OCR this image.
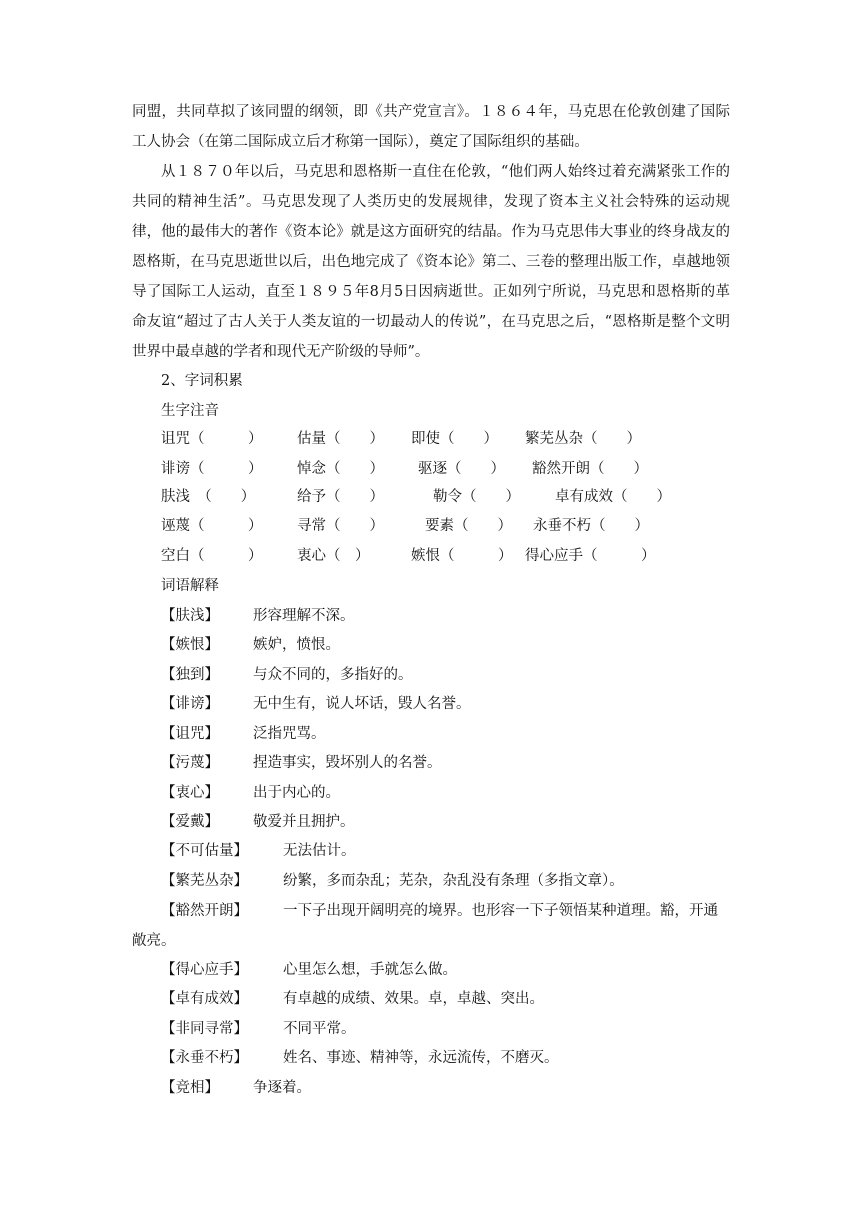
同盟，共同草拟了该同盟的纲领，即《共产党宣言》。１８６４年，马克思在伦敦创建了国际工人协会（在第二国际成立后才称第一国际），奠定了国际组织的基础。

从１８７０年以后，马克思和恩格斯一直住在伦敦，“他们两人始终过着充满紧张工作的共同的精神生活”。马克思发现了人类历史的发展规律，发现了资本主义社会特殊的运动规律，他的最伟大的著作《资本论》就是这方面研究的结晶。作为马克思伟大事业的终身战友的恩格斯，在马克思逝世以后，出色地完成了《资本论》第二、三卷的整理出版工作，卓越地领导了国际工人运动，直至１８９５年8月5日因病逝世。正如列宁所说，马克思和恩格斯的革命友谊“超过了古人关于人类友谊的一切最动人的传说”，在马克思之后，“恩格斯是整个文明世界中最卓越的学者和现代无产阶级的导师”。

2、字词积累
生字注音
诅咒（　　　） 估量（　　） 即使（　　） 繁芜丛杂（　　）
诽谤（　　　） 悼念（　　） 驱逐（　　） 豁然开朗（　　）
肤浅　（　　）	给予（　　）	勒令（　　） 卓有成效（　　）
诬蔑（　　　） 寻常（　　）	要素（　　） 永垂不朽（　　）
空白（　　　） 衷心（　）	嫉恨（　　　） 得心应手（　　　）
词语解释
【肤浅】 形容理解不深。
【嫉恨】 嫉妒，愤恨。
【独到】 与众不同的，多指好的。
【诽谤】 无中生有，说人坏话，毁人名誉。
【诅咒】 泛指咒骂。
【污蔑】 捏造事实，毁坏别人的名誉。
【衷心】 出于内心的。
【爱戴】 敬爱并且拥护。
【不可估量】 无法估计。
【繁芜丛杂】 纷繁，多而杂乱；芜杂，杂乱没有条理（多指文章）。
【豁然开朗】 一下子出现开阔明亮的境界。也形容一下子领悟某种道理。豁，开通
敞亮。
【得心应手】 心里怎么想，手就怎么做。
【卓有成效】 有卓越的成绩、效果。卓，卓越、突出。
【非同寻常】 不同平常。
【永垂不朽】 姓名、事迹、精神等，永远流传，不磨灭。
【竞相】 争逐着。
